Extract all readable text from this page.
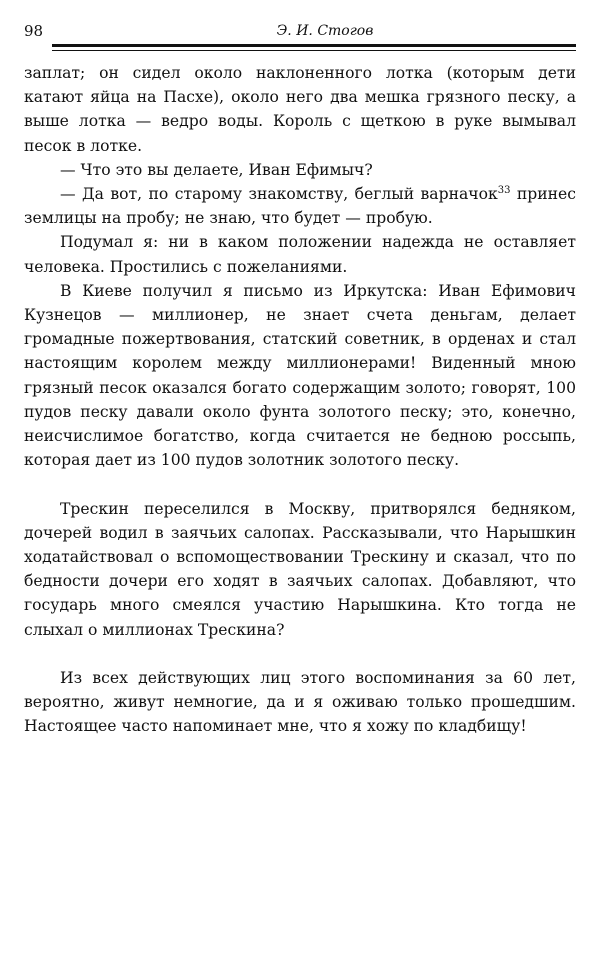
98	Э. И. Стогов

заплат; он сидел около наклоненного лотка (которым дети катают яйца на Пасхе), около него два мешка грязного песку, а выше лотка — ведро воды. Король с щеткою в руке вымывал песок в лотке.

— Что это вы делаете, Иван Ефимыч?

— Да вот, по старому знакомству, беглый варначок$^{33}$ принес землицы на пробу; не знаю, что будет — пробую.

Подумал я: ни в каком положении надежда не оставляет человека. Простились с пожеланиями.

В Киеве получил я письмо из Иркутска: Иван Ефимович Кузнецов — миллионер, не знает счета деньгам, делает громадные пожертвования, статский советник, в орденах и стал настоящим королем между миллионерами! Виденный мною грязный песок оказался богато содержащим золото; говорят, 100 пудов песку давали около фунта золотого песку; это, конечно, неисчислимое богатство, когда считается не бедною россыпь, которая дает из 100 пудов золотник золотого песку.

Трескин переселился в Москву, притворялся бедняком, дочерей водил в заячьих салопах. Рассказывали, что Нарышкин ходатайствовал о вспомоществовании Трескину и сказал, что по бедности дочери его ходят в заячьих салопах. Добавляют, что государь много смеялся участию Нарышкина. Кто тогда не слыхал о миллионах Трескина?

Из всех действующих лиц этого воспоминания за 60 лет, вероятно, живут немногие, да и я оживаю только прошедшим. Настоящее часто напоминает мне, что я хожу по кладбищу!
